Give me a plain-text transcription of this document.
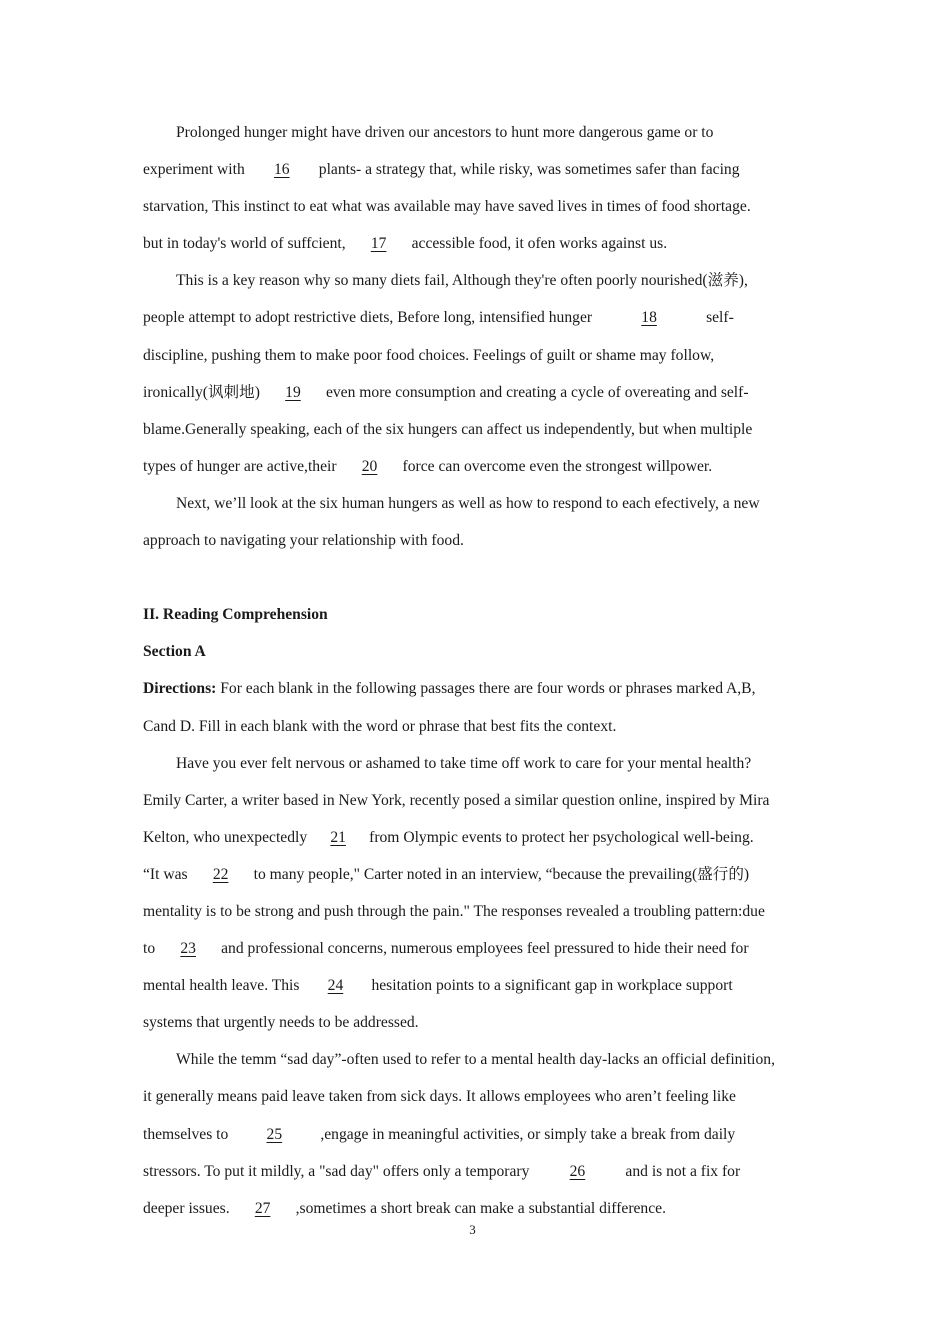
Prolonged hunger might have driven our ancestors to hunt more dangerous game or to
experiment with 16 plants- a strategy that, while risky, was sometimes safer than facing
starvation, This instinct to eat what was available may have saved lives in times of food shortage.
but in today's world of suffcient, 17 accessible food, it ofen works against us.
This is a key reason why so many diets fail, Although they're often poorly nourished(滋养),
people attempt to adopt restrictive diets, Before long, intensified hunger	18	self-
discipline, pushing them to make poor food choices. Feelings of guilt or shame may follow,
ironically(讽刺地) 19 even more consumption and creating a cycle of overeating and self-
blame.Generally speaking, each of the six hungers can affect us independently, but when multiple
types of hunger are active,their 20 force can overcome even the strongest willpower.
Next, we’ll look at the six human hungers as well as how to respond to each efectively, a new
approach to navigating your relationship with food.
II. Reading Comprehension
Section A
Directions: For each blank in the following passages there are four words or phrases marked A,B,
Cand D. Fill in each blank with the word or phrase that best fits the context.
Have you ever felt nervous or ashamed to take time off work to care for your mental health?
Emily Carter, a writer based in New York, recently posed a similar question online, inspired by Mira
Kelton, who unexpectedly 21 from Olympic events to protect her psychological well-being.
“It was 22 to many people," Carter noted in an interview, “because the prevailing(盛行的)
mentality is to be strong and push through the pain." The responses revealed a troubling pattern:due
to 23 and professional concerns, numerous employees feel pressured to hide their need for
mental health leave. This 24 hesitation points to a significant gap in workplace support
systems that urgently needs to be addressed.
While the temm “sad day”-often used to refer to a mental health day-lacks an official definition,
it generally means paid leave taken from sick days. It allows employees who aren’t feeling like
themselves to 25 ,engage in meaningful activities, or simply take a break from daily
stressors. To put it mildly, a "sad day" offers only a temporary	26	and is not a fix for
deeper issues. 27 ,sometimes a short break can make a substantial difference.
3
